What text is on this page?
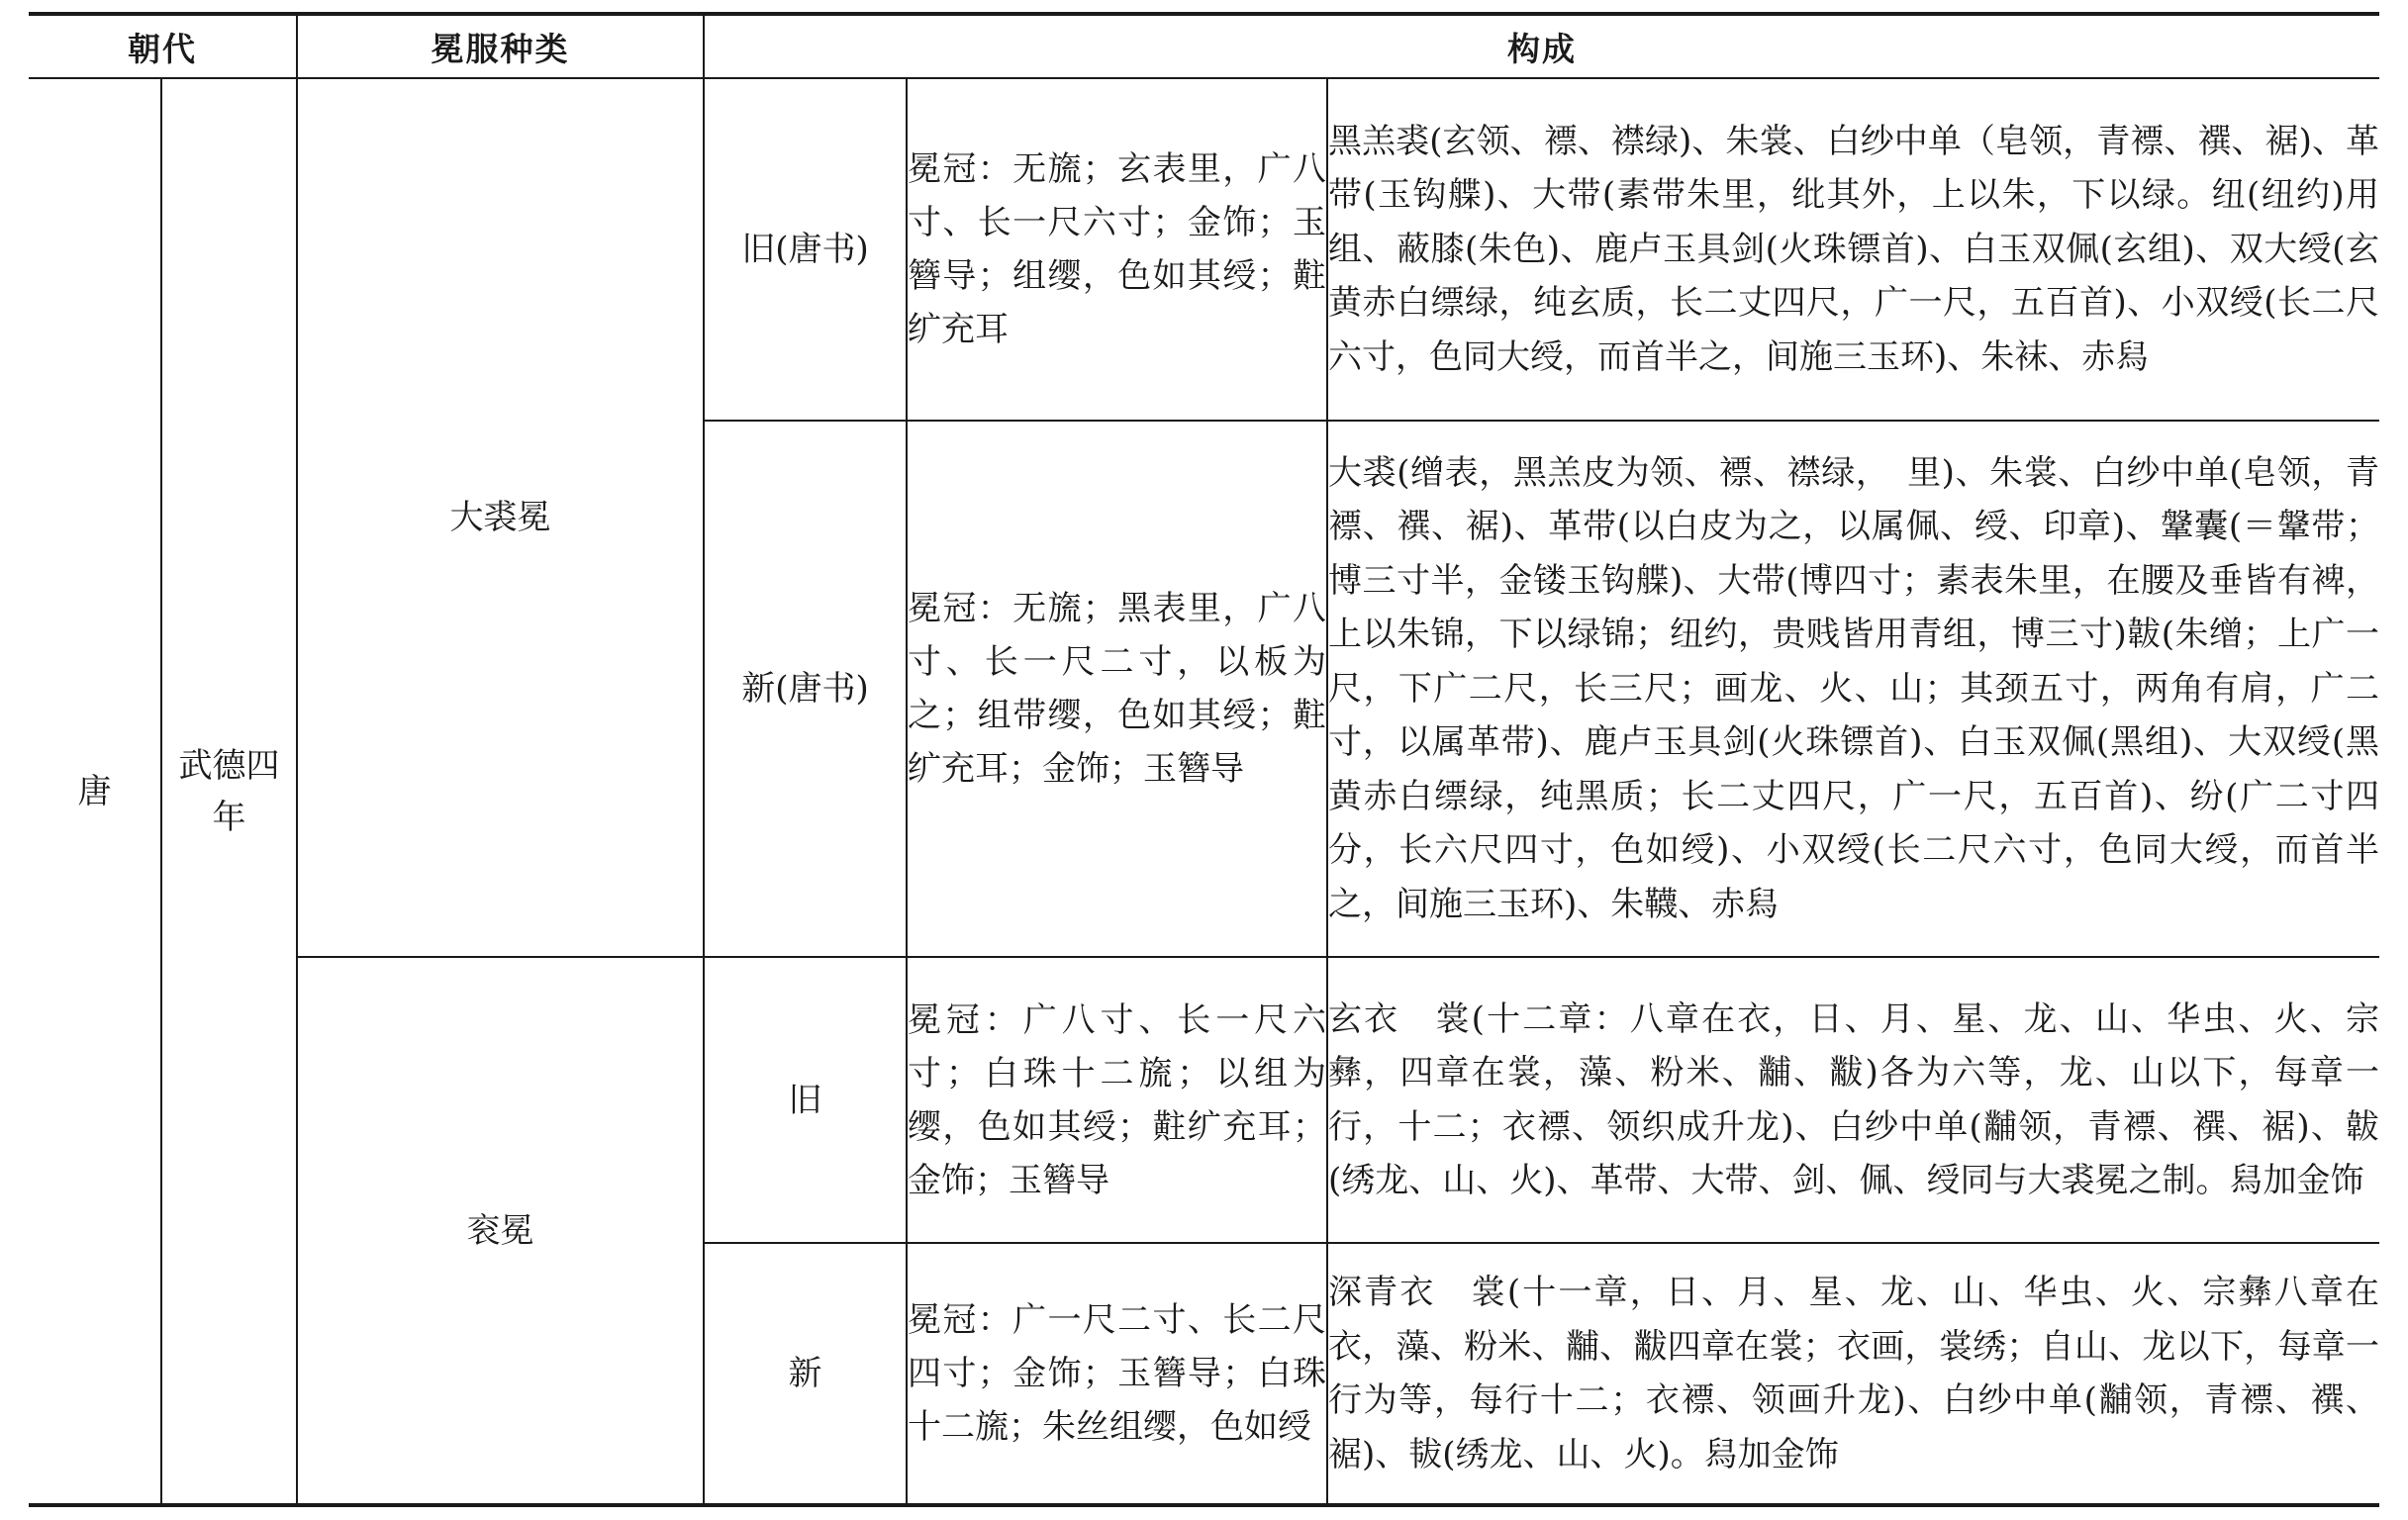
朝代		冕服种类	构成		
唐	武德四年	大裘冕	旧(唐书)	冕冠：无旒；玄表里，广八寸、长一尺六寸；金饰；玉簪导；组缨，色如其绶；黈纩充耳	黑羔裘(玄领、褾、襟绿)、朱裳、白纱中单（皂领，青褾、襈、裾)、革带(玉钩艓)、大带(素带朱里，纰其外，上以朱，下以绿。纽(纽约)用组、蔽膝(朱色)、鹿卢玉具剑(火珠镖首)、白玉双佩(玄组)、双大绶(玄黄赤白缥绿，纯玄质，长二丈四尺，广一尺，五百首)、小双绶(长二尺六寸，色同大绶，而首半之，间施三玉环)、朱袜、赤舄
			新(唐书)	冕冠：无旒；黑表里，广八寸、长一尺二寸，以板为之；组带缨，色如其绶；黈纩充耳；金饰；玉簪导	大裘(缯表，黑羔皮为领、褾、襟绿，　里)、朱裳、白纱中单(皂领，青褾、襈、裾)、革带(以白皮为之，以属佩、绶、印章)、鞶囊(＝鞶带；博三寸半，金镂玉钩艓)、大带(博四寸；素表朱里，在腰及垂皆有裨，上以朱锦，下以绿锦；纽约，贵贱皆用青组，博三寸)韍(朱缯；上广一尺，下广二尺，长三尺；画龙、火、山；其颈五寸，两角有肩，广二寸，以属革带)、鹿卢玉具剑(火珠镖首)、白玉双佩(黑组)、大双绶(黑黄赤白缥绿，纯黑质；长二丈四尺，广一尺，五百首)、纷(广二寸四分，长六尺四寸，色如绶)、小双绶(长二尺六寸，色同大绶，而首半之，间施三玉环)、朱韈、赤舄
		衮冕	旧	冕冠：广八寸、长一尺六寸；白珠十二旒；以组为缨，色如其绶；黈纩充耳；金饰；玉簪导	玄衣　裳(十二章：八章在衣，日、月、星、龙、山、华虫、火、宗彝，四章在裳，藻、粉米、黼、黻)各为六等，龙、山以下，每章一行，十二；衣褾、领织成升龙)、白纱中单(黼领，青褾、襈、裾)、韍(绣龙、山、火)、革带、大带、剑、佩、绶同与大裘冕之制。舄加金饰
			新	冕冠：广一尺二寸、长二尺四寸；金饰；玉簪导；白珠十二旒；朱丝组缨，色如绶	深青衣　裳(十一章，日、月、星、龙、山、华虫、火、宗彝八章在衣，藻、粉米、黼、黻四章在裳；衣画，裳绣；自山、龙以下，每章一行为等，每行十二；衣褾、领画升龙)、白纱中单(黼领，青褾、襈、裾)、韨(绣龙、山、火)。舄加金饰
